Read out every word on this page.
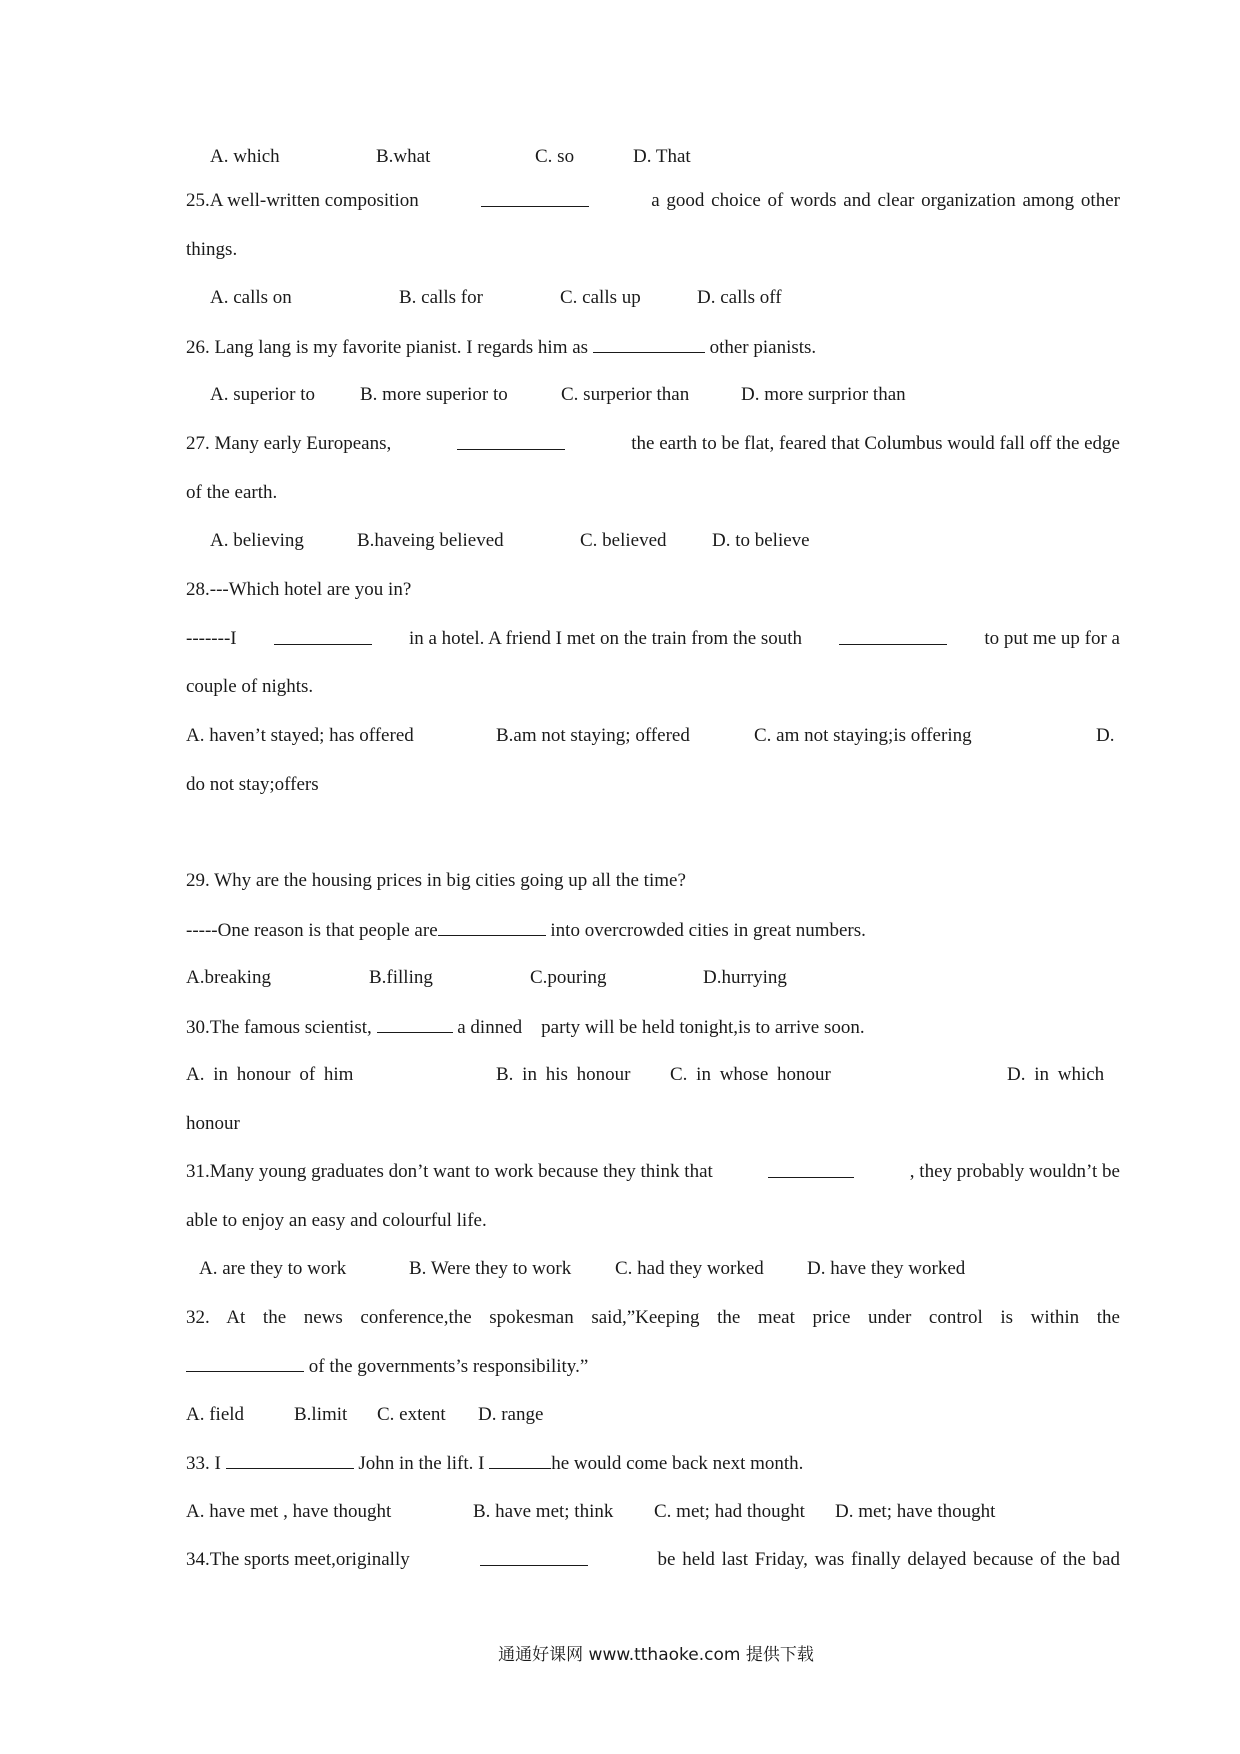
A. which	B.what	C. so	D. That
25.A well-written composition	a good choice of words and clear organization among other
things.
A. calls on	B. calls for	C. calls up	D. calls off
26. Lang lang is my favorite pianist. I regards him as	other pianists.
A. superior to B. more superior to	C. surperior than	D. more surprior than
27. Many early Europeans,	the earth to be flat, feared that Columbus would fall off the edge
of the earth.
A. believing	B.haveing believed	C. believed D. to believe
28.---Which hotel are you in?
-------I	in a hotel. A friend I met on the train from the south	to put me up for a
couple of nights.
A. haven’t stayed; has offered	B.am not staying; offered	C. am not staying;is offering	D.
do not stay;offers
29. Why are the housing prices in big cities going up all the time?
-----One reason is that people are	into overcrowded cities in great numbers.
A.breaking	B.filling	C.pouring	D.hurrying
30.The famous scientist,	a dinned    party will be held tonight,is to arrive soon.
A. in honour of him	B. in his honour C. in whose honour	D. in which
honour
31.Many young graduates don’t want to work because they think that	, they probably wouldn’t be
able to enjoy an easy and colourful life.
A. are they to work	B. Were they to work C. had they worked D. have they worked
32. At the news conference,the spokesman said,”Keeping the meat price under control is within the
of the governments’s responsibility.”
A. field	B.limit C. extent D. range
33. I	John in the lift. I	he would come back next month.
A. have met , have thought	B. have met; think C. met; had thought D. met; have thought
34.The sports meet,originally	be held last Friday, was finally delayed because of the bad
通通好课网 www.tthaoke.com 提供下载
